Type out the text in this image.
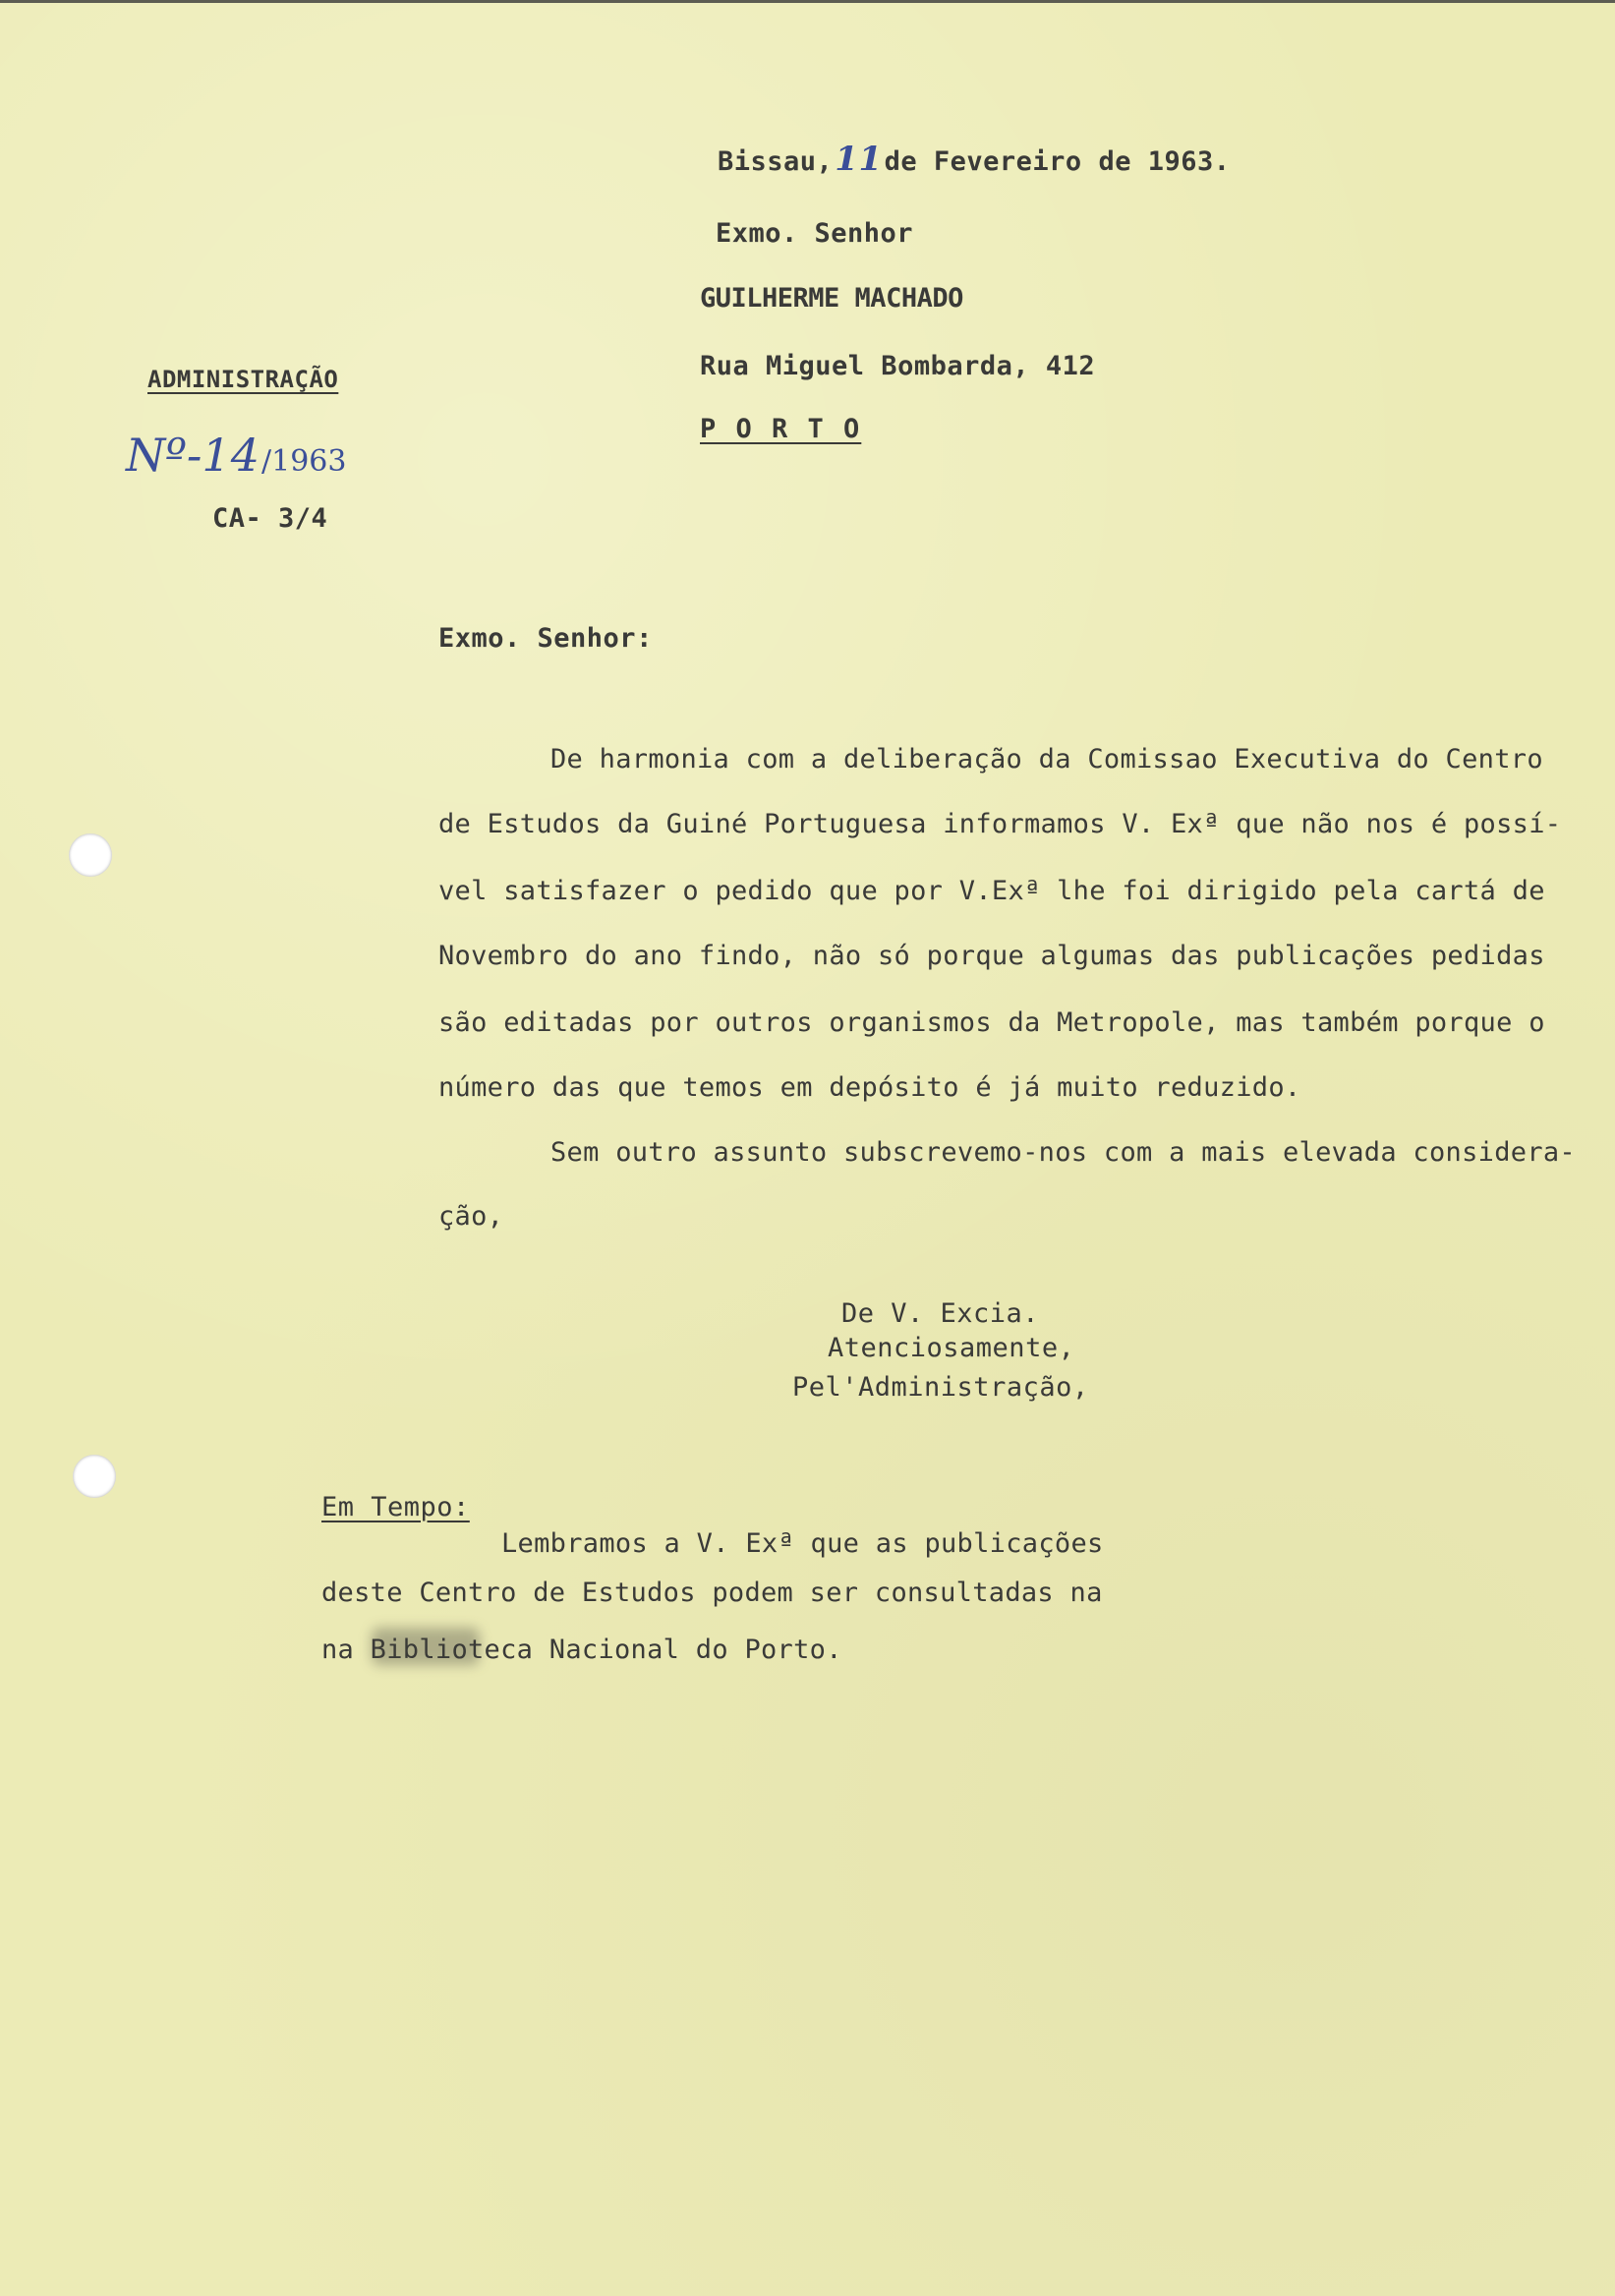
Bissau,11de Fevereiro de 1963.
Exmo. Senhor
GUILHERME MACHADO
Rua Miguel Bombarda, 412
P O R T O
ADMINISTRAÇÃO
Nº-14 /1963
CA- 3/4
Exmo. Senhor:
De harmonia com a deliberação da Comissao Executiva do Centro
de Estudos da Guiné Portuguesa informamos V. Exª que não nos é possí-
vel satisfazer o pedido que por V.Exª lhe foi dirigido pela cartá de
Novembro do ano findo, não só porque algumas das publicações pedidas
são editadas por outros organismos da Metropole, mas também porque o
número das que temos em depósito é já muito reduzido.
Sem outro assunto subscrevemo-nos com a mais elevada considera-
ção,
De V. Excia.
Atenciosamente,
Pel'Administração,
Em Tempo:
Lembramos a V. Exª que as publicações
deste Centro de Estudos podem ser consultadas na
na Biblioteca Nacional do Porto.
